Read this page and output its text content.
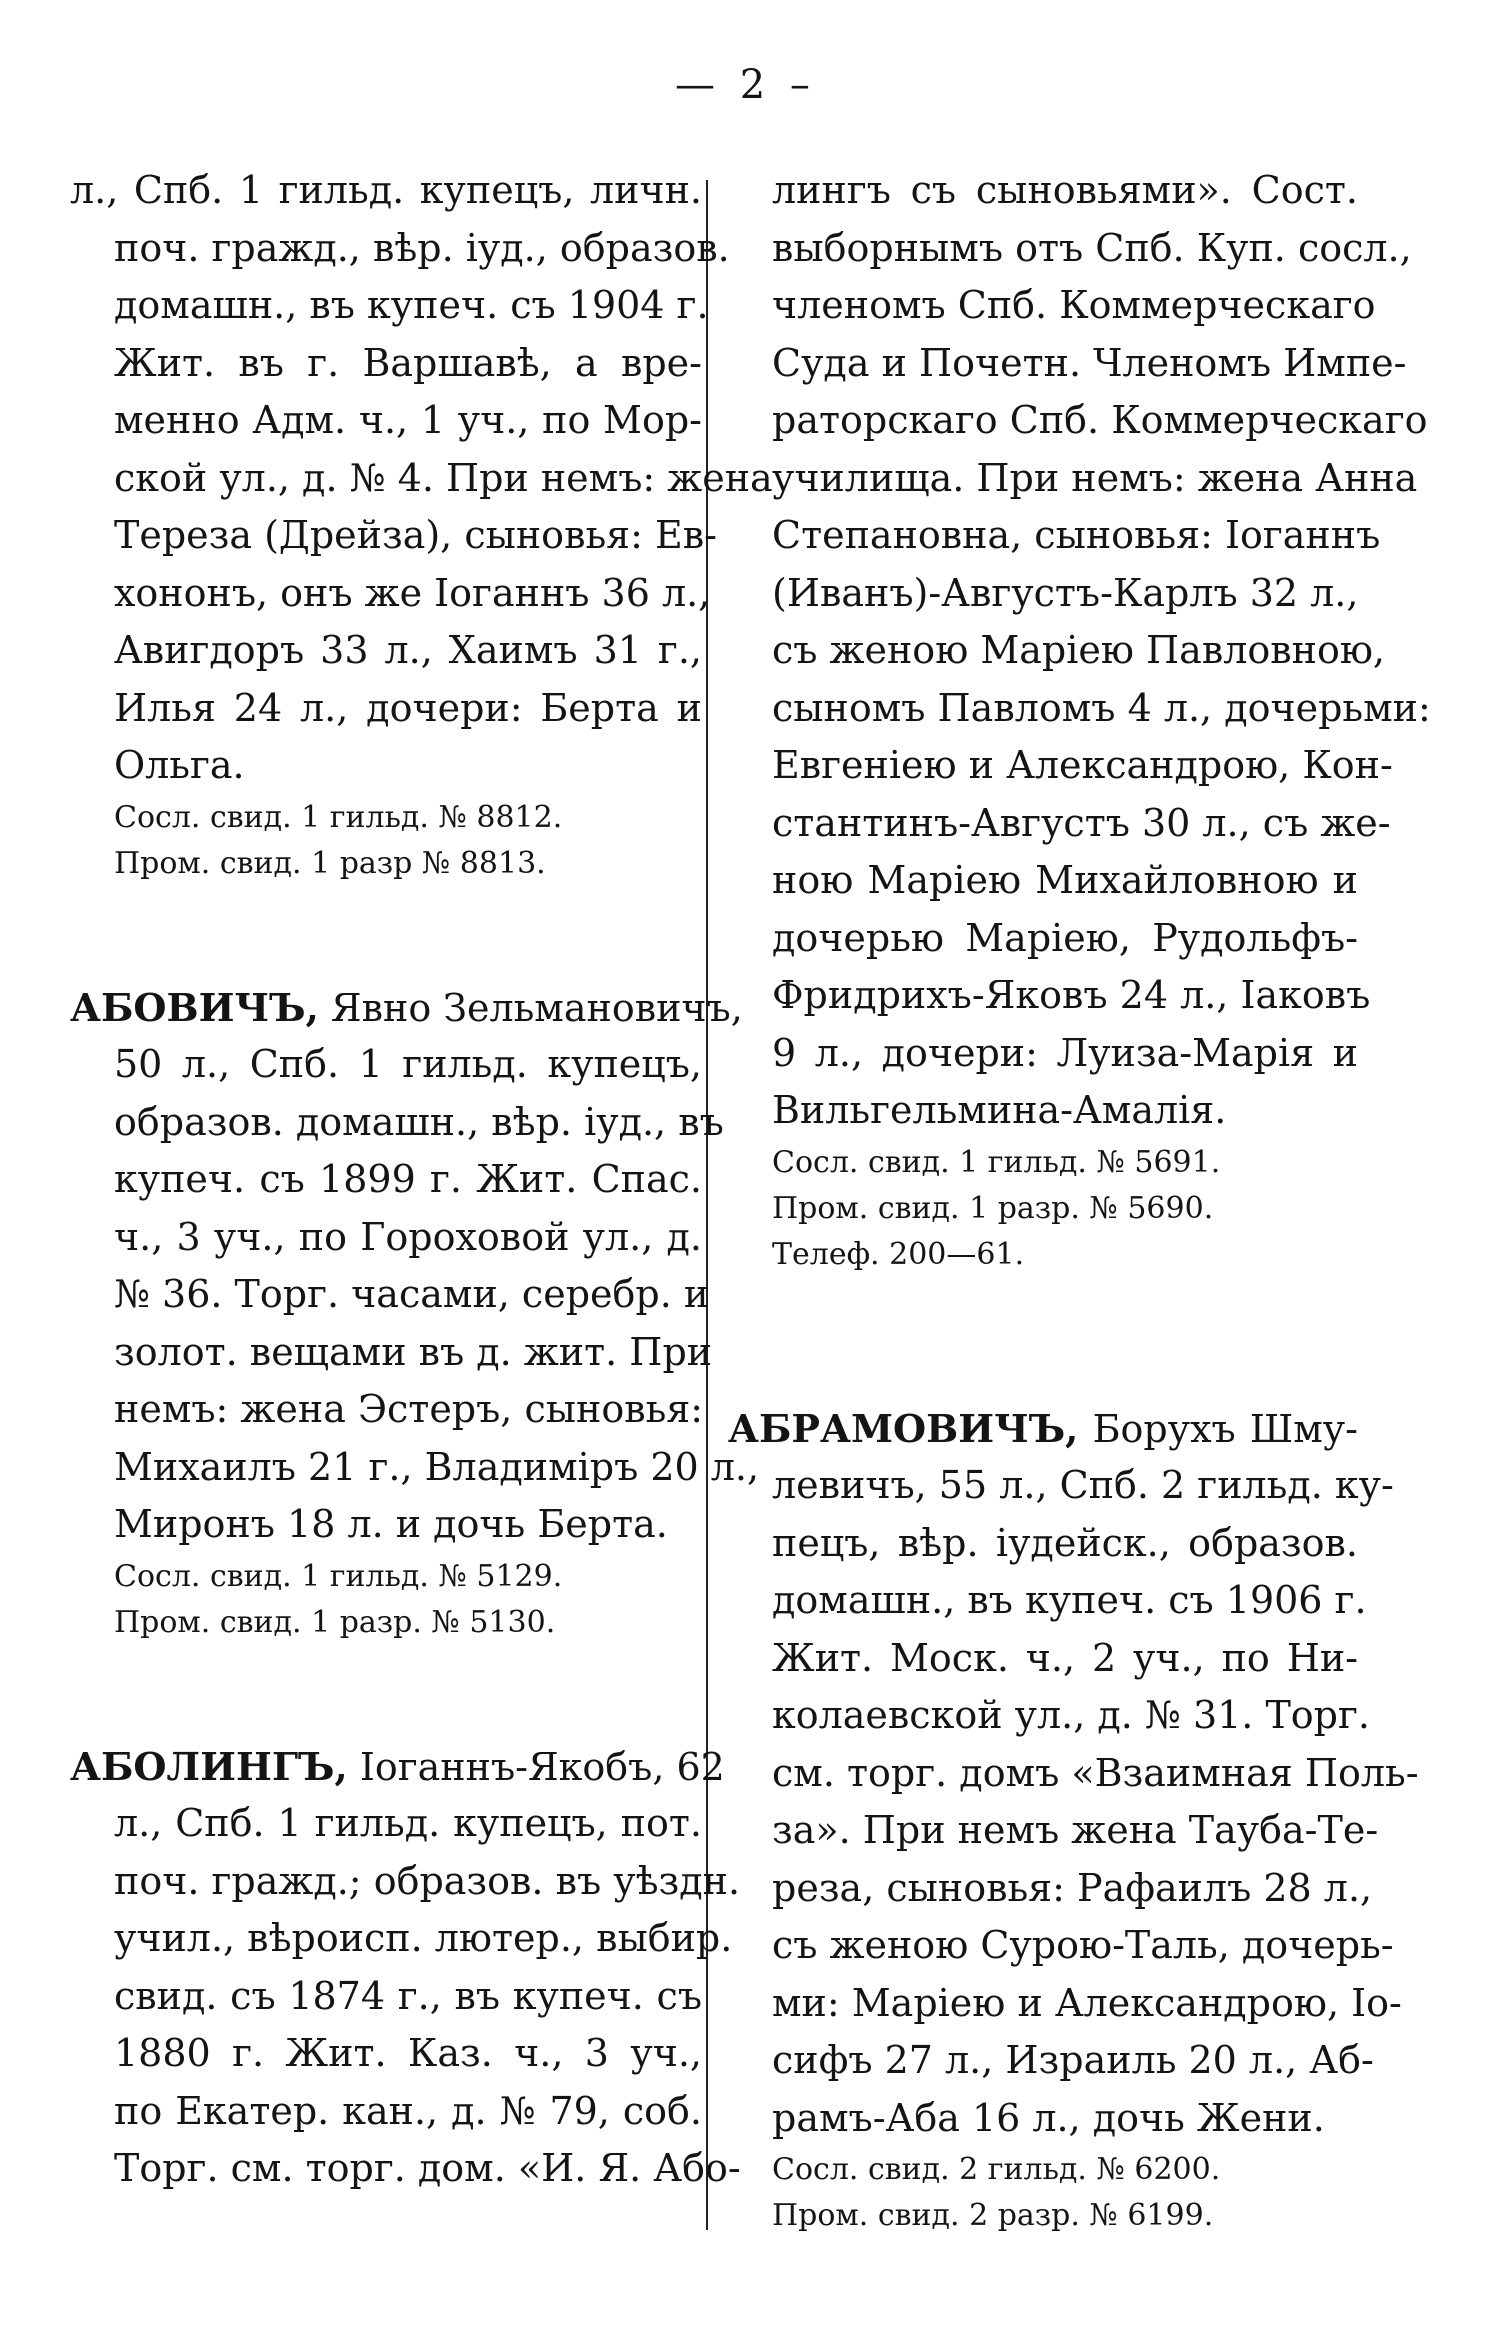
— 2 –
л., Спб. 1 гильд. купецъ, личн.
поч. гражд., вѣр. іуд., образов.
домашн., въ купеч. съ 1904 г.
Жит. въ г. Варшавѣ, а вре-
менно Адм. ч., 1 уч., по Мор-
ской ул., д. № 4. При немъ: жена
Тереза (Дрейза), сыновья: Ев-
хононъ, онъ же Іоганнъ 36 л.,
Авигдоръ 33 л., Хаимъ 31 г.,
Илья 24 л., дочери: Берта и
Ольга.
Сосл. свид. 1 гильд. № 8812.
Пром. свид. 1 разр № 8813.
АБОВИЧЪ, Явно Зельмановичъ,
50 л., Спб. 1 гильд. купецъ,
образов. домашн., вѣр. іуд., въ
купеч. съ 1899 г. Жит. Спас.
ч., 3 уч., по Гороховой ул., д.
№ 36. Торг. часами, серебр. и
золот. вещами въ д. жит. При
немъ: жена Эстеръ, сыновья:
Михаилъ 21 г., Владиміръ 20 л.,
Миронъ 18 л. и дочь Берта.
Сосл. свид. 1 гильд. № 5129.
Пром. свид. 1 разр. № 5130.
АБОЛИНГЪ, Іоганнъ-Якобъ, 62
л., Спб. 1 гильд. купецъ, пот.
поч. гражд.; образов. въ уѣздн.
учил., вѣроисп. лютер., выбир.
свид. съ 1874 г., въ купеч. съ
1880 г. Жит. Каз. ч., 3 уч.,
по Екатер. кан., д. № 79, соб.
Торг. см. торг. дом. «И. Я. Або-
лингъ съ сыновьями». Сост.
выборнымъ отъ Спб. Куп. сосл.,
членомъ Спб. Коммерческаго
Суда и Почетн. Членомъ Импе-
раторскаго Спб. Коммерческаго
училища. При немъ: жена Анна
Степановна, сыновья: Іоганнъ
(Иванъ)-Августъ-Карлъ 32 л.,
съ женою Маріею Павловною,
сыномъ Павломъ 4 л., дочерьми:
Евгеніею и Александрою, Кон-
стантинъ-Августъ 30 л., съ же-
ною Маріею Михайловною и
дочерью Маріею, Рудольфъ-
Фридрихъ-Яковъ 24 л., Іаковъ
9 л., дочери: Луиза-Марія и
Вильгельмина-Амалія.
Сосл. свид. 1 гильд. № 5691.
Пром. свид. 1 разр. № 5690.
Телеф. 200—61.
АБРАМОВИЧЪ, Борухъ Шму-
левичъ, 55 л., Спб. 2 гильд. ку-
пецъ, вѣр. іудейск., образов.
домашн., въ купеч. съ 1906 г.
Жит. Моск. ч., 2 уч., по Ни-
колаевской ул., д. № 31. Торг.
см. торг. домъ «Взаимная Поль-
за». При немъ жена Тауба-Те-
реза, сыновья: Рафаилъ 28 л.,
съ женою Сурою-Таль, дочерь-
ми: Маріею и Александрою, Іо-
сифъ 27 л., Израиль 20 л., Аб-
рамъ-Аба 16 л., дочь Жени.
Сосл. свид. 2 гильд. № 6200.
Пром. свид. 2 разр. № 6199.
